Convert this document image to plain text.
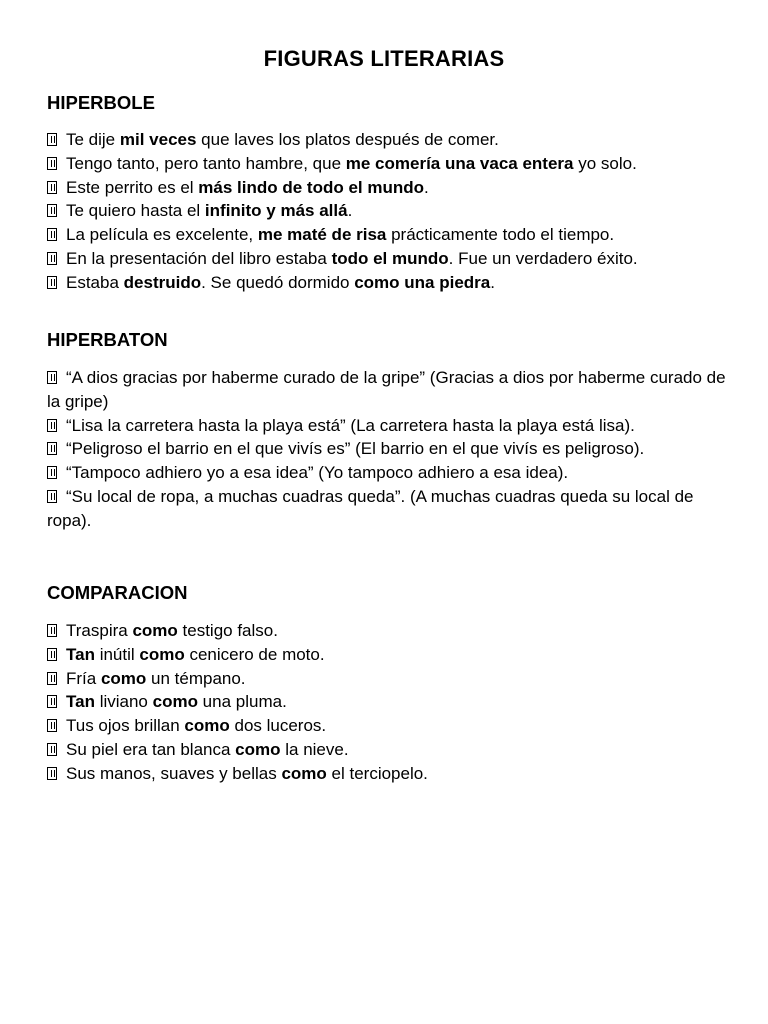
FIGURAS LITERARIAS
HIPERBOLE
Te dije mil veces que laves los platos después de comer.
Tengo tanto, pero tanto hambre, que me comería una vaca entera yo solo.
Este perrito es el más lindo de todo el mundo.
Te quiero hasta el infinito y más allá.
La película es excelente, me maté de risa prácticamente todo el tiempo.
En la presentación del libro estaba todo el mundo. Fue un verdadero éxito.
Estaba destruido. Se quedó dormido como una piedra.
HIPERBATON
“A dios gracias por haberme curado de la gripe” (Gracias a dios por haberme curado de la gripe)
“Lisa la carretera hasta la playa está” (La carretera hasta la playa está lisa).
“Peligroso el barrio en el que vivís es” (El barrio en el que vivís es peligroso).
“Tampoco adhiero yo a esa idea” (Yo tampoco adhiero a esa idea).
“Su local de ropa, a muchas cuadras queda”. (A muchas cuadras queda su local de ropa).
COMPARACION
Traspira como testigo falso.
Tan inútil como cenicero de moto.
Fría como un témpano.
Tan liviano como una pluma.
Tus ojos brillan como dos luceros.
Su piel era tan blanca como la nieve.
Sus manos, suaves y bellas como el terciopelo.
